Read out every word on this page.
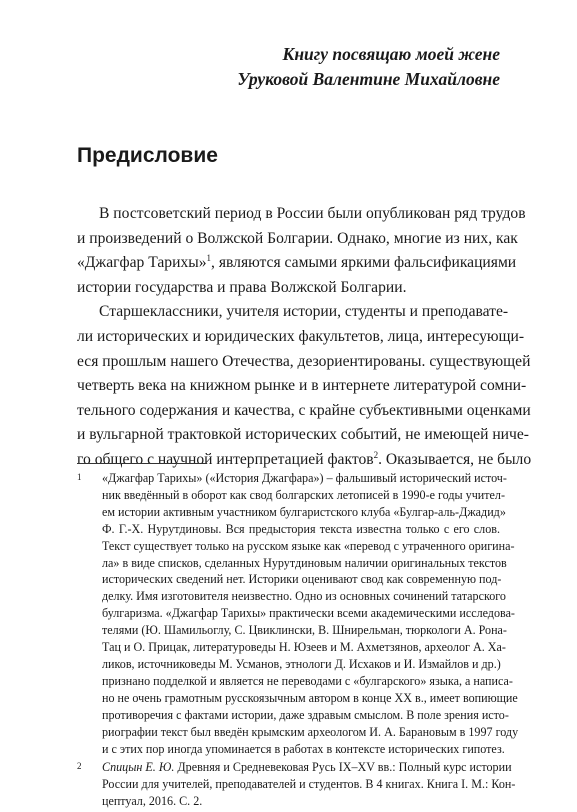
Книгу посвящаю моей жене
Уруковой Валентине Михайловне
Предисловие

В постсоветский период в России были опубликован ряд трудов
и произведений о Волжской Болгарии. Однако, многие из них, как
«Джагфар Тарихы»$^1$, являются самыми яркими фальсификациями
истории государства и права Волжской Болгарии.

Старшеклассники, учителя истории, студенты и преподавате-
ли исторических и юридических факультетов, лица, интересующи-
еся прошлым нашего Отечества, дезориентированы. существующей
четверть века на книжном рынке и в интернете литературой сомни-
тельного содержания и качества, с крайне субъективными оценками
и вульгарной трактовкой исторических событий, не имеющей ниче-
го общего с научной интерпретацией фактов$^2$. Оказывается, не было

1 «Джагфар Тарихы» («История Джагфара») – фальшивый исторический источ-
ник введённый в оборот как свод болгарских летописей в 1990-е годы учител-
ем истории активным участником булгаристского клуба «Булгар-аль-Джадид»
Ф. Г.-Х. Нурутдиновы. Вся предыстория текста известна только с его слов.
Текст существует только на русском языке как «перевод с утраченного оригина-
ла» в виде списков, сделанных Нурутдиновым наличии оригинальных текстов
исторических сведений нет. Историки оценивают свод как современную под-
делку. Имя изготовителя неизвестно. Одно из основных сочинений татарского
булгаризма. «Джагфар Тарихы» практически всеми академическими исследова-
телями (Ю. Шамильоглу, С. Цвиклински, В. Шнирельман, тюркологи А. Рона-
Тац и О. Прицак, литературоведы Н. Юзеев и М. Ахметзянов, археолог А. Ха-
ликов, источниковеды М. Усманов, этнологи Д. Исхаков и И. Измайлов и др.)
признано подделкой и является не переводами с «булгарского» языка, а написа-
но не очень грамотным русскоязычным автором в конце XX в., имеет вопиющие
противоречия с фактами истории, даже здравым смыслом. В поле зрения исто-
риографии текст был введён крымским археологом И. А. Барановым в 1997 году
и с этих пор иногда упоминается в работах в контексте исторических гипотез.
2 Спицын Е. Ю. Древняя и Средневековая Русь IX–XV вв.: Полный курс истории
России для учителей, преподавателей и студентов. В 4 книгах. Книга I. М.: Кон-
цептуал, 2016. С. 2.
